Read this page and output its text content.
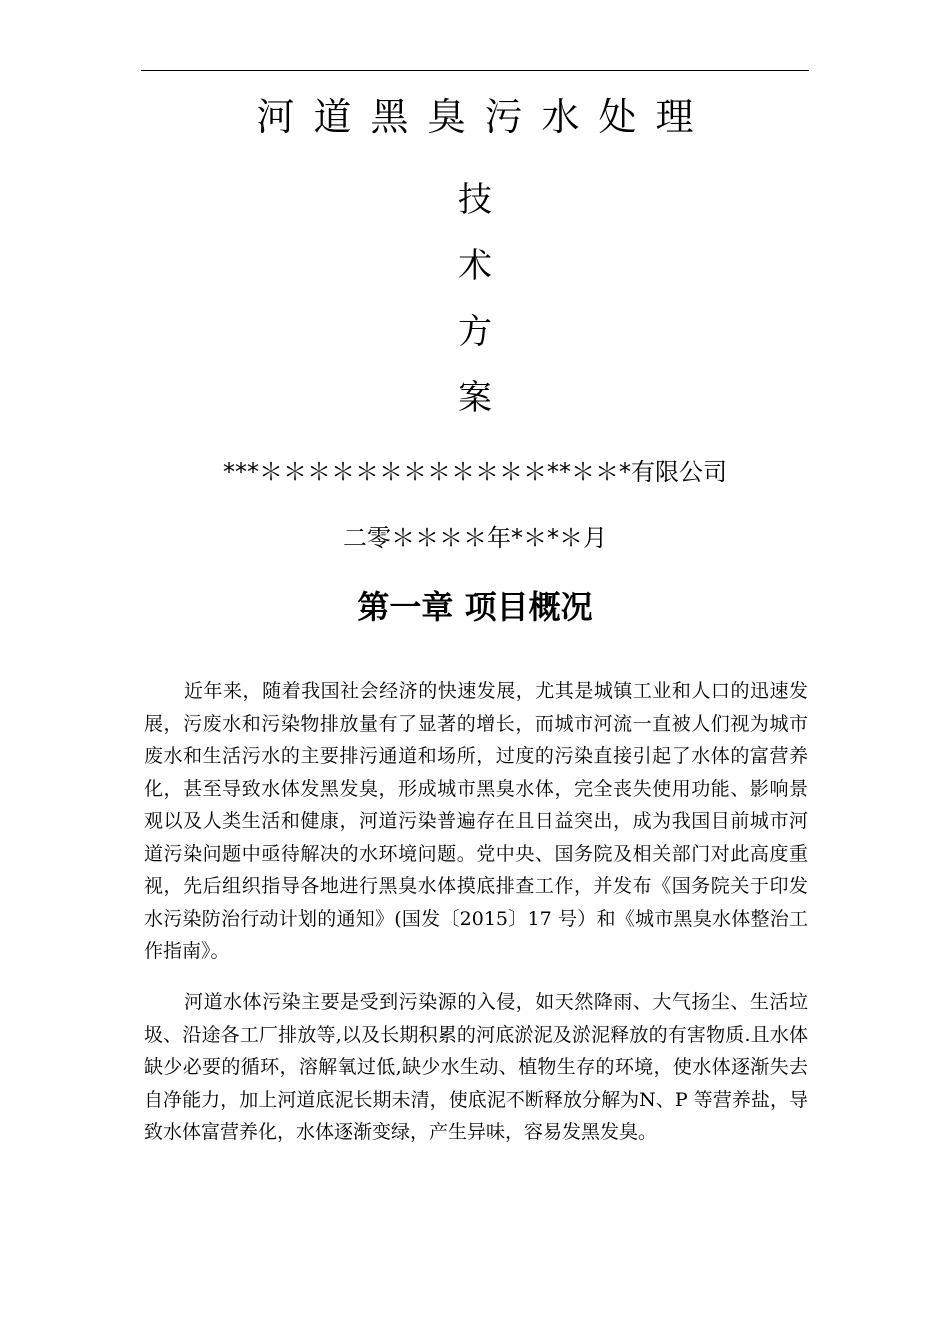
河道黑臭污水处理
技
术
方
案
***＊＊＊＊＊＊＊＊＊＊＊＊**＊＊*有限公司
二零＊＊＊＊年*＊*＊月
第一章 项目概况

近年来，随着我国社会经济的快速发展，尤其是城镇工业和人口的迅速发展，污废水和污染物排放量有了显著的增长，而城市河流一直被人们视为城市废水和生活污水的主要排污通道和场所，过度的污染直接引起了水体的富营养化，甚至导致水体发黑发臭，形成城市黑臭水体，完全丧失使用功能、影响景观以及人类生活和健康，河道污染普遍存在且日益突出，成为我国目前城市河道污染问题中亟待解决的水环境问题。党中央、国务院及相关部门对此高度重视，先后组织指导各地进行黑臭水体摸底排查工作，并发布《国务院关于印发水污染防治行动计划的通知》(国发〔2015〕17 号）和《城市黑臭水体整治工作指南》。

河道水体污染主要是受到污染源的入侵，如天然降雨、大气扬尘、生活垃圾、沿途各工厂排放等,以及长期积累的河底淤泥及淤泥释放的有害物质.且水体缺少必要的循环，溶解氧过低,缺少水生动、植物生存的环境，使水体逐渐失去自净能力，加上河道底泥长期未清，使底泥不断释放分解为N、P 等营养盐，导致水体富营养化，水体逐渐变绿，产生异味，容易发黑发臭。
